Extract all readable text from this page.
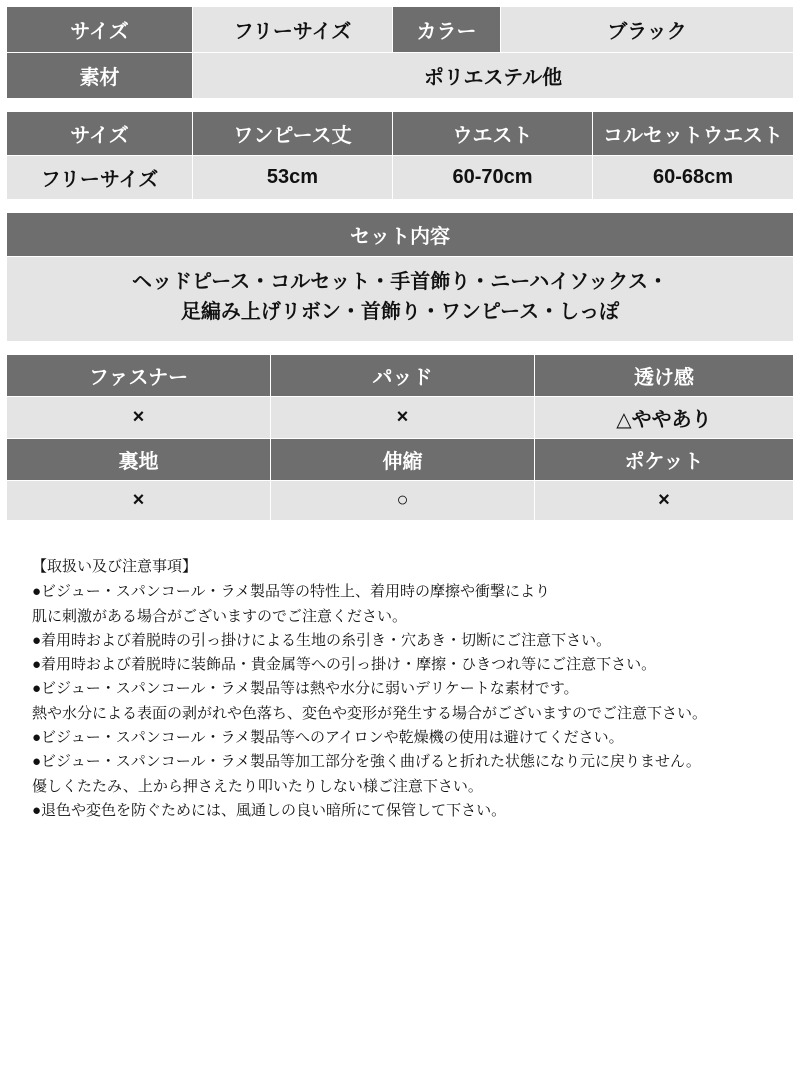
サイズ	フリーサイズ	カラー	ブラック
素材	ポリエステル他		
サイズ	ワンピース丈	ウエスト	コルセットウエスト
フリーサイズ	53cm	60-70cm	60-68cm
セット内容

ヘッドピース・コルセット・手首飾り・ニーハイソックス・
足編み上げリボン・首飾り・ワンピース・しっぽ
ファスナー	パッド	透け感
×	×	△ややあり
裏地	伸縮	ポケット
×	○	×
【取扱い及び注意事項】
●ビジュー・スパンコール・ラメ製品等の特性上、着用時の摩擦や衝撃により
肌に刺激がある場合がございますのでご注意ください。
●着用時および着脱時の引っ掛けによる生地の糸引き・穴あき・切断にご注意下さい。
●着用時および着脱時に装飾品・貴金属等への引っ掛け・摩擦・ひきつれ等にご注意下さい。
●ビジュー・スパンコール・ラメ製品等は熱や水分に弱いデリケートな素材です。
熱や水分による表面の剥がれや色落ち、変色や変形が発生する場合がございますのでご注意下さい。
●ビジュー・スパンコール・ラメ製品等へのアイロンや乾燥機の使用は避けてください。
●ビジュー・スパンコール・ラメ製品等加工部分を強く曲げると折れた状態になり元に戻りません。
優しくたたみ、上から押さえたり叩いたりしない様ご注意下さい。
●退色や変色を防ぐためには、風通しの良い暗所にて保管して下さい。
